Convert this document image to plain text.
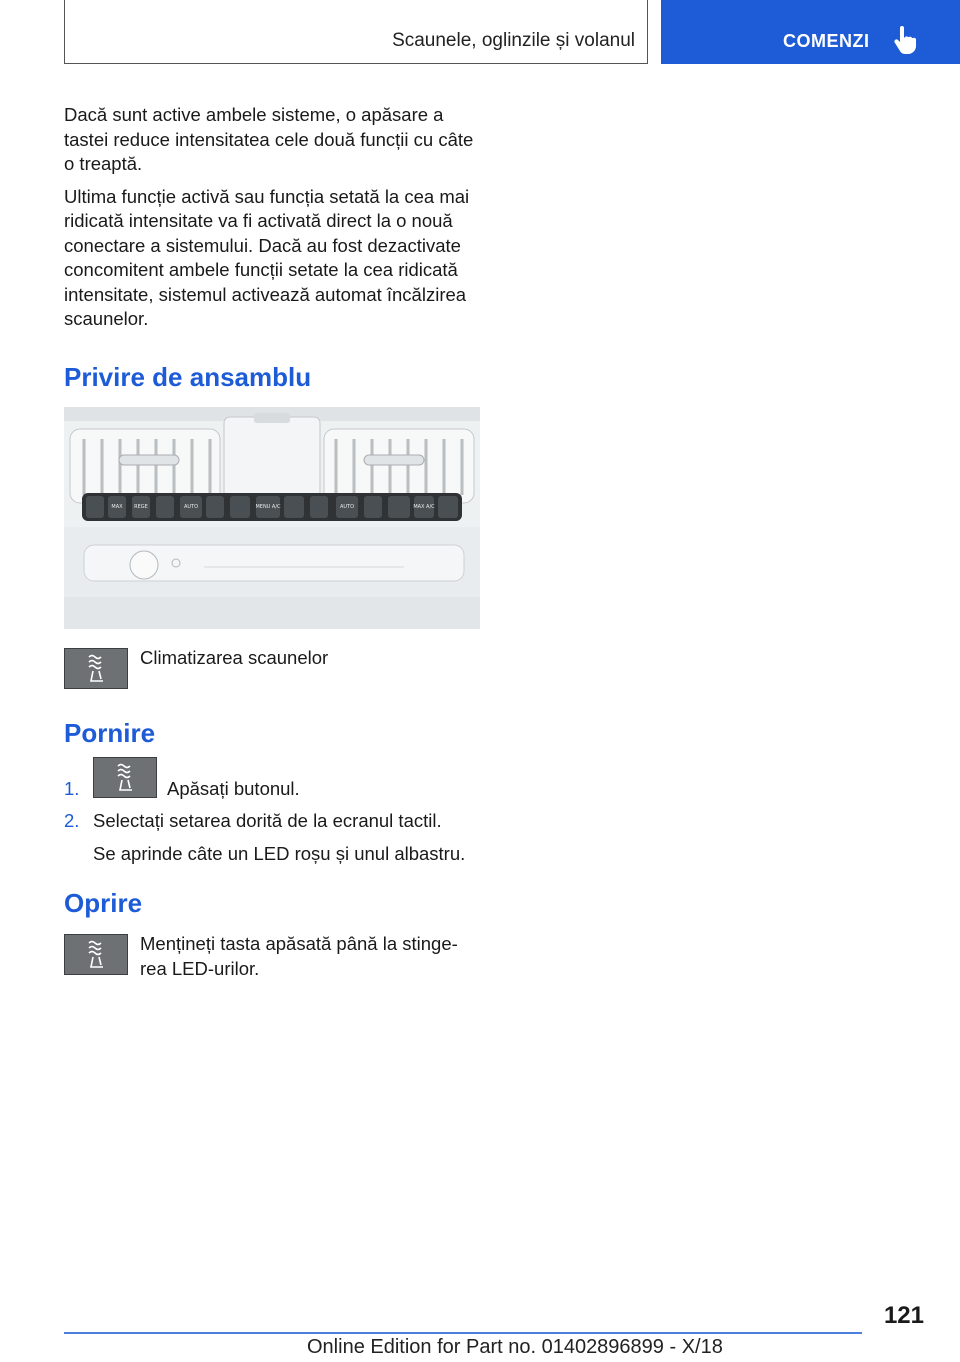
Scaunele, oglinzile și volanul	COMENZI

Dacă sunt active ambele sisteme, o apăsare a tastei reduce intensitatea cele două funcții cu câte o treaptă.

Ultima funcție activă sau funcția setată la cea mai ridicată intensitate va fi activată direct la o nouă conectare a sistemului. Dacă au fost dezactivate concomitent ambele funcții setate la cea ridicată intensitate, sistemul activează automat încălzirea scaunelor.

Privire de ansamblu
MAX REGE	AUTO	MENU A/C	AUTO	MAX A/C
Climatizarea scaunelor
Pornire
1.	Apăsați butonul.
2. Selectați setarea dorită de la ecranul tactil.
Se aprinde câte un LED roșu și unul albastru.
Oprire

Mențineți tasta apăsată până la stingerea LED-urilor.

121
Online Edition for Part no. 01402896899 - X/18
